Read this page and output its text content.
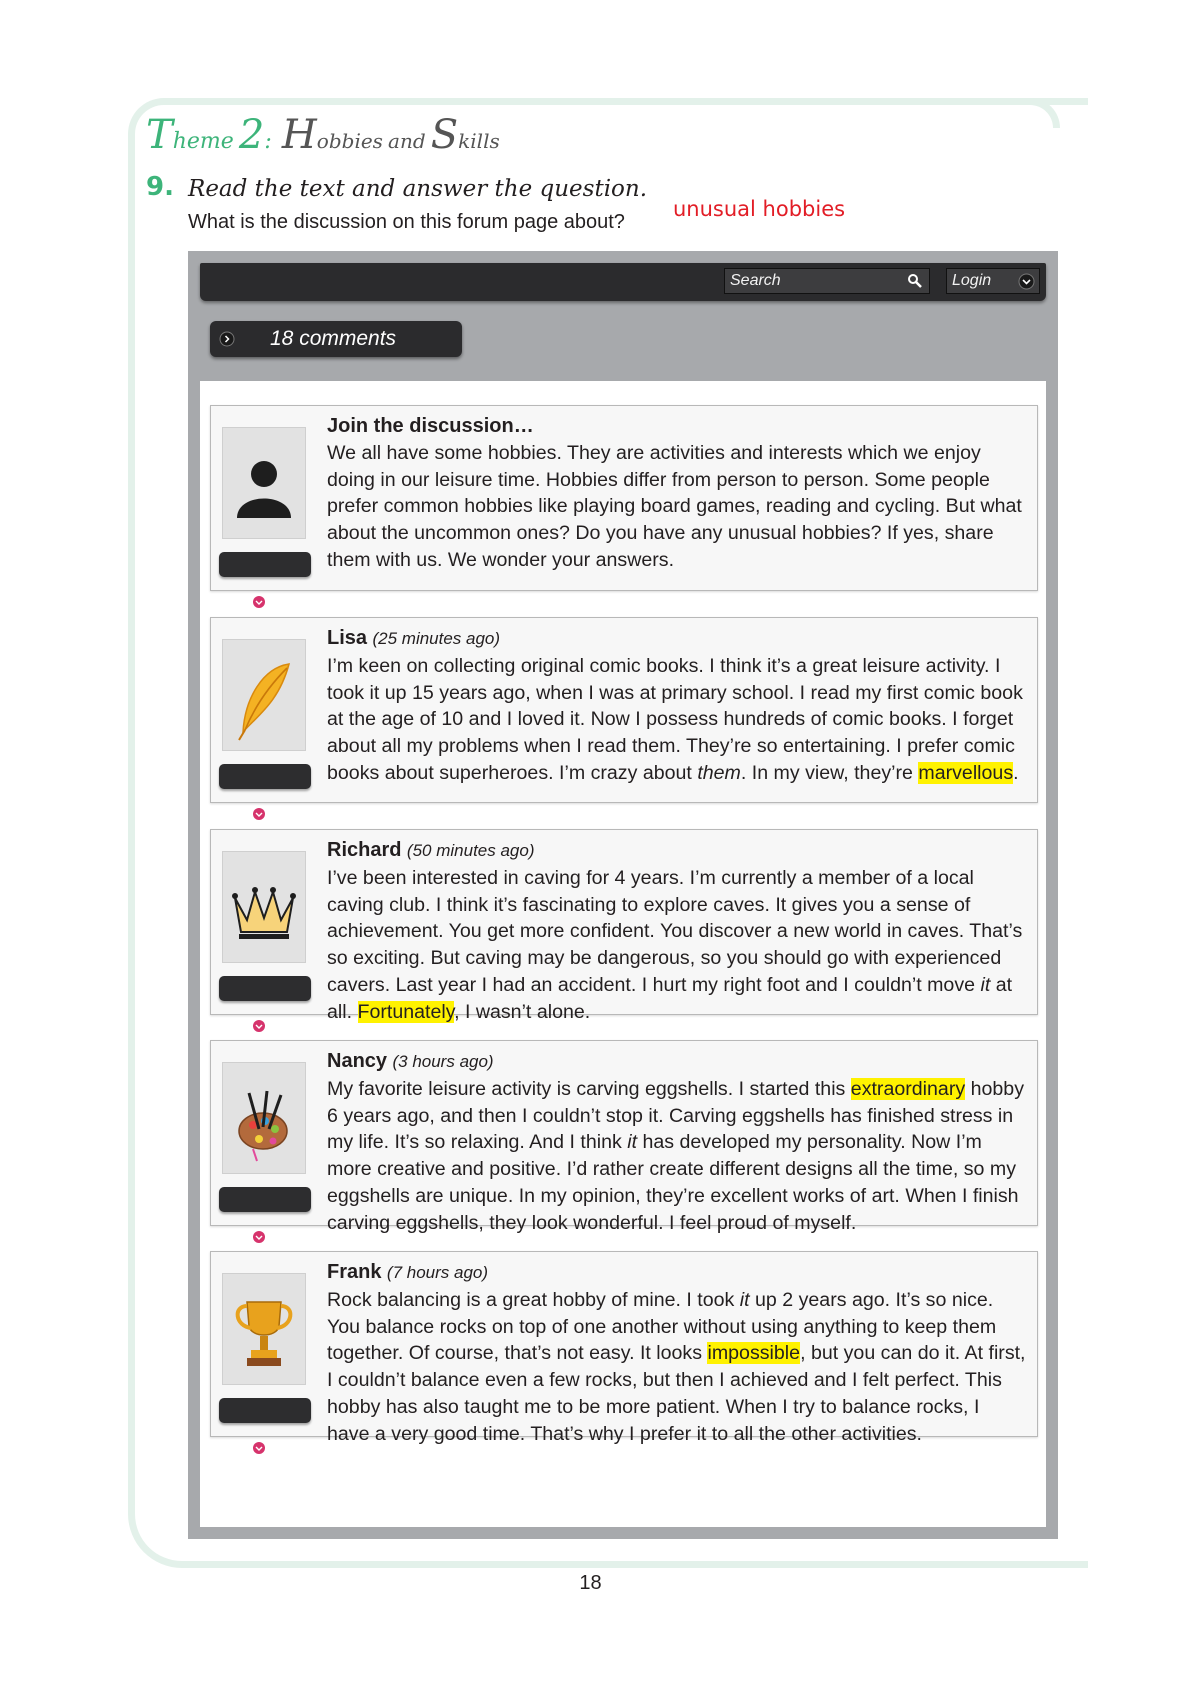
Theme 2: Hobbies and Skills
9. Read the text and answer the question.
What is the discussion on this forum page about?
unusual hobbies
Search	Login
18 comments
Join the discussion…
We all have some hobbies. They are activities and interests which we enjoy doing in our leisure time. Hobbies differ from person to person. Some people prefer common hobbies like playing board games, reading and cycling. But what about the uncommon ones? Do you have any unusual hobbies? If yes, share them with us. We wonder your answers.
Lisa (25 minutes ago)
I’m keen on collecting original comic books. I think it’s a great leisure activity. I took it up 15 years ago, when I was at primary school. I read my first comic book at the age of 10 and I loved it. Now I possess hundreds of comic books. I forget about all my problems when I read them. They’re so entertaining. I prefer comic books about superheroes. I’m crazy about them. In my view, they’re marvellous.
Richard (50 minutes ago)
I’ve been interested in caving for 4 years. I’m currently a member of a local caving club. I think it’s fascinating to explore caves. It gives you a sense of achievement. You get more confident. You discover a new world in caves. That’s so exciting. But caving may be dangerous, so you should go with experienced cavers. Last year I had an accident. I hurt my right foot and I couldn’t move it at all. Fortunately, I wasn’t alone.
Nancy (3 hours ago)
My favorite leisure activity is carving eggshells. I started this extraordinary hobby 6 years ago, and then I couldn’t stop it. Carving eggshells has finished stress in my life. It’s so relaxing. And I think it has developed my personality. Now I’m more creative and positive. I’d rather create different designs all the time, so my eggshells are unique. In my opinion, they’re excellent works of art. When I finish carving eggshells, they look wonderful. I feel proud of myself.
Frank (7 hours ago)
Rock balancing is a great hobby of mine. I took it up 2 years ago. It’s so nice. You balance rocks on top of one another without using anything to keep them together. Of course, that’s not easy. It looks impossible, but you can do it. At first, I couldn’t balance even a few rocks, but then I achieved and I felt perfect. This hobby has also taught me to be more patient. When I try to balance rocks, I have a very good time. That’s why I prefer it to all the other activities.
18
